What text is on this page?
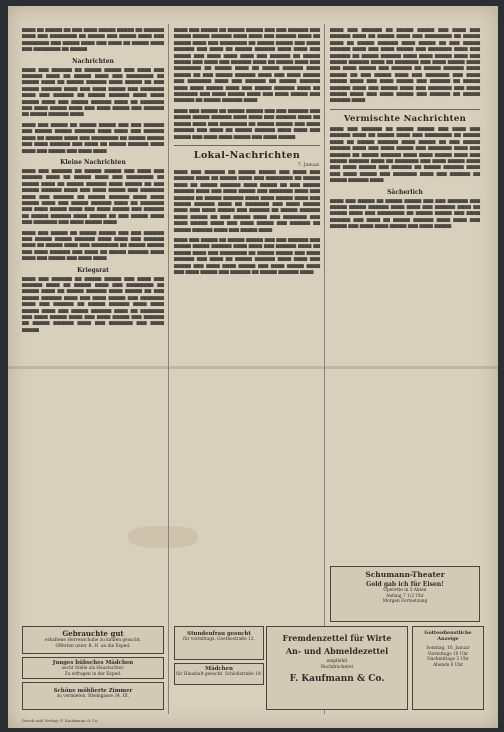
▆▆▆▆ ▆▆ ▆▆▆▆▆ ▆▆ ▆▆▆ ▆▆▆▆ ▆▆▆▆▆ ▆▆▆▆▆ ▆▆ ▆▆▆▆▆▆ ▆▆▆▆ ▆▆▆ ▆▆▆▆▆▆▆▆ ▆▆ ▆▆▆▆▆ ▆▆▆ ▆▆▆▆▆ ▆▆▆▆ ▆▆▆ ▆▆▆▆▆▆▆▆ ▆▆▆ ▆▆▆▆▆ ▆▆▆▆ ▆▆▆ ▆▆▆▆ ▆▆ ▆▆▆▆▆ ▆▆▆▆ ▆▆▆ ▆▆▆▆▆▆▆▆ ▆▆ ▆▆▆▆▆

Nachrichten

▆▆▆▆ ▆▆▆ ▆▆▆▆▆▆ ▆▆ ▆▆▆▆▆ ▆▆▆▆▆ ▆▆▆ ▆▆▆▆ ▆▆▆ ▆▆▆▆▆▆ ▆▆▆▆ ▆▆ ▆▆▆▆▆ ▆▆▆▆ ▆▆▆ ▆▆▆▆▆▆▆▆ ▆▆ ▆▆▆▆▆ ▆▆▆▆ ▆▆ ▆▆▆▆▆ ▆▆▆▆▆▆ ▆▆▆▆ ▆▆▆▆▆ ▆▆ ▆▆▆ ▆▆▆▆▆ ▆▆▆▆▆▆ ▆▆▆▆ ▆▆▆ ▆▆▆▆ ▆▆▆▆▆ ▆▆▆ ▆▆▆▆▆▆▆ ▆▆▆▆ ▆▆▆ ▆▆▆▆▆▆ ▆▆ ▆▆▆▆▆ ▆▆▆▆▆▆ ▆▆▆▆ ▆▆▆▆ ▆▆▆▆▆ ▆▆▆▆ ▆▆▆ ▆▆▆▆▆ ▆▆▆▆▆▆ ▆▆▆▆ ▆▆ ▆▆▆▆▆▆▆ ▆▆▆ ▆▆▆▆ ▆▆▆▆▆ ▆▆▆▆ ▆▆▆ ▆▆▆▆ ▆▆▆▆▆ ▆▆▆ ▆▆▆▆▆▆ ▆▆ ▆▆▆▆▆ ▆▆▆▆▆▆ ▆▆▆▆

▆▆▆▆ ▆▆▆ ▆▆▆▆▆ ▆▆ ▆▆▆▆▆ ▆▆▆▆▆ ▆▆▆ ▆▆▆ ▆▆▆▆▆▆ ▆▆▆ ▆▆▆▆▆ ▆▆▆▆▆ ▆▆▆▆▆▆ ▆▆▆▆ ▆▆▆▆ ▆▆▆ ▆▆▆▆▆▆ ▆▆▆▆ ▆▆ ▆▆▆▆▆ ▆▆▆▆ ▆▆▆ ▆▆▆▆▆▆▆▆ ▆▆ ▆▆▆▆▆ ▆▆▆▆▆ ▆▆▆ ▆▆▆▆ ▆▆▆▆▆▆ ▆▆▆ ▆▆▆▆ ▆▆ ▆▆▆▆▆ ▆▆▆▆▆▆ ▆▆▆▆ ▆▆▆▆ ▆▆▆ ▆▆▆▆▆ ▆▆▆ ▆▆▆▆ ▆▆▆▆

Kleine Nachrichten

▆▆▆▆ ▆▆▆ ▆▆▆▆▆▆ ▆▆ ▆▆▆▆▆ ▆▆▆▆▆ ▆▆▆ ▆▆▆▆ ▆▆▆ ▆▆▆▆▆▆ ▆▆▆▆ ▆▆ ▆▆▆▆▆ ▆▆▆▆ ▆▆▆ ▆▆▆▆▆▆▆▆ ▆▆ ▆▆▆▆▆ ▆▆▆▆ ▆▆ ▆▆▆▆▆ ▆▆▆▆▆▆ ▆▆▆▆ ▆▆▆▆▆ ▆▆ ▆▆▆ ▆▆▆▆▆ ▆▆▆▆▆▆ ▆▆▆▆ ▆▆▆ ▆▆▆▆ ▆▆▆▆▆ ▆▆▆ ▆▆▆▆▆▆▆ ▆▆▆▆ ▆▆▆ ▆▆▆▆▆▆ ▆▆ ▆▆▆▆▆ ▆▆▆▆▆▆ ▆▆▆▆ ▆▆▆▆ ▆▆▆▆▆ ▆▆▆▆ ▆▆▆ ▆▆▆▆▆ ▆▆▆▆▆▆ ▆▆▆▆ ▆▆ ▆▆▆▆▆▆▆ ▆▆▆ ▆▆▆▆ ▆▆▆▆▆ ▆▆▆▆ ▆▆▆ ▆▆▆▆ ▆▆▆▆▆ ▆▆▆ ▆▆▆▆▆▆ ▆▆ ▆▆▆▆▆ ▆▆▆▆▆▆ ▆▆▆▆ ▆▆▆▆▆ ▆▆ ▆▆▆ ▆▆▆▆▆ ▆▆▆▆ ▆▆▆ ▆▆▆▆▆▆▆ ▆▆▆ ▆▆▆▆ ▆▆▆▆▆ ▆▆▆▆

▆▆▆▆ ▆▆▆ ▆▆▆▆▆ ▆▆ ▆▆▆▆▆ ▆▆▆▆▆ ▆▆▆ ▆▆▆ ▆▆▆▆▆▆ ▆▆▆ ▆▆▆▆▆ ▆▆▆▆▆ ▆▆▆▆▆▆ ▆▆▆▆ ▆▆▆▆ ▆▆▆ ▆▆▆▆▆▆ ▆▆▆▆ ▆▆ ▆▆▆▆▆ ▆▆▆▆ ▆▆▆ ▆▆▆▆▆▆▆▆ ▆▆ ▆▆▆▆▆ ▆▆▆▆▆ ▆▆▆ ▆▆▆▆ ▆▆▆▆▆▆ ▆▆▆ ▆▆▆▆ ▆▆ ▆▆▆▆▆ ▆▆▆▆▆▆ ▆▆▆▆ ▆▆▆▆ ▆▆▆ ▆▆▆▆▆ ▆▆▆ ▆▆▆▆ ▆▆▆▆

Kriegsrat

▆▆▆▆ ▆▆▆ ▆▆▆▆▆▆ ▆▆ ▆▆▆▆▆ ▆▆▆▆▆ ▆▆▆ ▆▆▆▆ ▆▆▆ ▆▆▆▆▆▆ ▆▆▆▆ ▆▆ ▆▆▆▆▆ ▆▆▆▆ ▆▆▆ ▆▆▆▆▆▆▆▆ ▆▆ ▆▆▆▆▆ ▆▆▆▆ ▆▆ ▆▆▆▆▆ ▆▆▆▆▆▆ ▆▆▆▆ ▆▆▆▆▆ ▆▆ ▆▆▆ ▆▆▆▆▆ ▆▆▆▆▆▆ ▆▆▆▆ ▆▆▆ ▆▆▆▆ ▆▆▆▆▆ ▆▆▆ ▆▆▆▆▆▆▆ ▆▆▆▆ ▆▆▆ ▆▆▆▆▆▆ ▆▆ ▆▆▆▆▆ ▆▆▆▆▆▆ ▆▆▆▆ ▆▆▆▆ ▆▆▆▆▆ ▆▆▆▆ ▆▆▆ ▆▆▆▆▆ ▆▆▆▆▆▆ ▆▆▆▆ ▆▆ ▆▆▆▆▆▆▆ ▆▆▆ ▆▆▆▆ ▆▆▆▆▆ ▆▆▆▆ ▆▆▆ ▆▆▆▆ ▆▆▆▆▆ ▆▆▆ ▆▆▆▆▆▆ ▆▆ ▆▆▆▆▆ ▆▆▆▆▆▆ ▆▆▆▆ ▆▆▆ ▆▆▆▆▆▆▆ ▆▆▆ ▆▆▆▆ ▆▆▆▆▆

▆▆▆▆ ▆▆▆ ▆▆▆▆▆ ▆▆ ▆▆▆▆▆ ▆▆▆▆▆ ▆▆▆ ▆▆▆ ▆▆▆▆▆▆ ▆▆▆ ▆▆▆▆▆ ▆▆▆▆▆ ▆▆▆▆▆▆ ▆▆▆▆ ▆▆▆▆ ▆▆▆ ▆▆▆▆▆▆ ▆▆▆▆ ▆▆ ▆▆▆▆▆ ▆▆▆▆ ▆▆▆ ▆▆▆▆▆▆▆▆ ▆▆ ▆▆▆▆▆ ▆▆▆▆▆ ▆▆▆ ▆▆▆▆ ▆▆▆▆▆▆ ▆▆▆ ▆▆▆▆ ▆▆ ▆▆▆▆▆ ▆▆▆▆▆▆ ▆▆▆▆ ▆▆▆▆ ▆▆▆ ▆▆▆▆▆ ▆▆▆ ▆▆▆▆ ▆▆▆▆ ▆▆▆▆ ▆▆▆ ▆▆▆▆▆▆ ▆▆ ▆▆▆▆▆ ▆▆▆▆▆ ▆▆▆ ▆▆▆▆ ▆▆▆ ▆▆▆▆▆▆ ▆▆▆▆ ▆▆ ▆▆▆▆▆ ▆▆▆▆ ▆▆▆ ▆▆▆▆▆▆▆▆ ▆▆ ▆▆▆▆▆ ▆▆▆▆ ▆▆ ▆▆▆▆▆ ▆▆▆▆▆▆ ▆▆▆▆ ▆▆▆▆▆ ▆▆ ▆▆▆ ▆▆▆▆▆ ▆▆▆▆▆▆ ▆▆▆▆ ▆▆▆ ▆▆▆▆ ▆▆▆▆▆ ▆▆▆ ▆▆▆▆▆▆▆ ▆▆▆▆ ▆▆▆ ▆▆▆▆▆▆ ▆▆ ▆▆▆▆▆ ▆▆▆▆▆▆ ▆▆▆▆ ▆▆▆▆ ▆▆▆▆▆ ▆▆▆▆ ▆▆▆ ▆▆▆▆▆ ▆▆▆▆▆▆ ▆▆▆▆ ▆▆ ▆▆▆▆▆▆▆ ▆▆▆ ▆▆▆▆ ▆▆▆▆▆ ▆▆▆▆ ▆▆▆ ▆▆▆▆ ▆▆▆▆▆ ▆▆▆ ▆▆▆▆▆▆ ▆▆ ▆▆▆▆▆ ▆▆▆▆▆▆ ▆▆▆▆

▆▆▆▆ ▆▆▆ ▆▆▆▆▆ ▆▆ ▆▆▆▆▆ ▆▆▆▆▆ ▆▆▆ ▆▆▆ ▆▆▆▆▆▆ ▆▆▆ ▆▆▆▆▆ ▆▆▆▆▆ ▆▆▆▆▆▆ ▆▆▆▆ ▆▆▆▆ ▆▆▆ ▆▆▆▆▆▆ ▆▆▆▆ ▆▆ ▆▆▆▆▆ ▆▆▆▆ ▆▆▆ ▆▆▆▆▆▆▆▆ ▆▆ ▆▆▆▆▆ ▆▆▆▆▆ ▆▆▆ ▆▆▆▆ ▆▆▆▆▆▆ ▆▆▆ ▆▆▆▆ ▆▆ ▆▆▆▆▆ ▆▆▆▆▆▆ ▆▆▆▆ ▆▆▆▆ ▆▆▆ ▆▆▆▆▆ ▆▆▆ ▆▆▆▆ ▆▆▆▆ ▆▆▆▆▆ ▆▆▆ ▆▆▆▆ ▆▆▆▆▆

Lokal-Nachrichten
7. Januar.

▆▆▆▆ ▆▆▆ ▆▆▆▆▆▆ ▆▆ ▆▆▆▆▆ ▆▆▆▆▆ ▆▆▆ ▆▆▆▆ ▆▆▆ ▆▆▆▆▆▆ ▆▆▆▆ ▆▆ ▆▆▆▆▆ ▆▆▆▆ ▆▆▆ ▆▆▆▆▆▆▆▆ ▆▆ ▆▆▆▆▆ ▆▆▆▆ ▆▆ ▆▆▆▆▆ ▆▆▆▆▆▆ ▆▆▆▆ ▆▆▆▆▆ ▆▆ ▆▆▆ ▆▆▆▆▆ ▆▆▆▆▆▆ ▆▆▆▆ ▆▆▆ ▆▆▆▆ ▆▆▆▆▆ ▆▆▆ ▆▆▆▆▆▆▆ ▆▆▆▆ ▆▆▆ ▆▆▆▆▆▆ ▆▆ ▆▆▆▆▆ ▆▆▆▆▆▆ ▆▆▆▆ ▆▆▆▆ ▆▆▆▆▆ ▆▆▆▆ ▆▆▆ ▆▆▆▆▆ ▆▆▆▆▆▆ ▆▆▆▆ ▆▆ ▆▆▆▆▆▆▆ ▆▆▆ ▆▆▆▆ ▆▆▆▆▆ ▆▆▆▆ ▆▆▆ ▆▆▆▆ ▆▆▆▆▆ ▆▆▆ ▆▆▆▆▆▆ ▆▆ ▆▆▆▆▆ ▆▆▆▆▆▆ ▆▆▆▆ ▆▆▆▆▆ ▆▆ ▆▆▆ ▆▆▆▆▆ ▆▆▆▆ ▆▆▆ ▆▆▆▆▆▆▆ ▆▆▆ ▆▆▆▆ ▆▆▆▆▆ ▆▆▆▆ ▆▆▆ ▆▆▆▆ ▆▆▆▆▆ ▆▆▆ ▆▆▆▆▆▆ ▆▆ ▆▆▆▆▆ ▆▆▆▆▆▆ ▆▆▆▆ ▆▆▆ ▆▆▆▆▆ ▆▆▆▆

▆▆▆▆ ▆▆▆ ▆▆▆▆▆ ▆▆ ▆▆▆▆▆ ▆▆▆▆▆ ▆▆▆ ▆▆▆ ▆▆▆▆▆▆ ▆▆▆ ▆▆▆▆▆ ▆▆▆▆▆ ▆▆▆▆▆▆ ▆▆▆▆ ▆▆▆▆ ▆▆▆ ▆▆▆▆▆▆ ▆▆▆▆ ▆▆ ▆▆▆▆▆ ▆▆▆▆ ▆▆▆ ▆▆▆▆▆▆▆▆ ▆▆ ▆▆▆▆▆ ▆▆▆▆▆ ▆▆▆ ▆▆▆▆ ▆▆▆▆▆▆ ▆▆▆ ▆▆▆▆ ▆▆ ▆▆▆▆▆ ▆▆▆▆▆▆ ▆▆▆▆ ▆▆▆▆ ▆▆▆ ▆▆▆▆▆ ▆▆▆ ▆▆▆▆ ▆▆▆▆ ▆▆▆▆▆ ▆▆▆ ▆▆▆▆ ▆▆▆▆▆ ▆▆▆▆ ▆▆▆ ▆▆▆▆ ▆▆▆▆▆ ▆▆▆ ▆▆▆▆▆▆ ▆▆ ▆▆▆▆▆ ▆▆▆▆▆▆ ▆▆▆▆

▆▆▆▆ ▆▆▆ ▆▆▆▆▆▆ ▆▆ ▆▆▆▆▆ ▆▆▆▆▆ ▆▆▆ ▆▆▆▆ ▆▆▆ ▆▆▆▆▆▆ ▆▆▆▆ ▆▆ ▆▆▆▆▆ ▆▆▆▆ ▆▆▆ ▆▆▆▆▆▆▆▆ ▆▆ ▆▆▆▆▆ ▆▆▆▆ ▆▆ ▆▆▆▆▆ ▆▆▆▆▆▆ ▆▆▆▆ ▆▆▆▆▆ ▆▆ ▆▆▆ ▆▆▆▆▆ ▆▆▆▆▆▆ ▆▆▆▆ ▆▆▆ ▆▆▆▆ ▆▆▆▆▆ ▆▆▆ ▆▆▆▆▆▆▆ ▆▆▆▆ ▆▆▆ ▆▆▆▆▆▆ ▆▆ ▆▆▆▆▆ ▆▆▆▆▆▆ ▆▆▆▆ ▆▆▆▆ ▆▆▆▆▆ ▆▆▆▆ ▆▆▆ ▆▆▆▆▆ ▆▆▆▆▆▆ ▆▆▆▆ ▆▆ ▆▆▆▆▆▆▆ ▆▆▆ ▆▆▆▆ ▆▆▆▆▆ ▆▆▆▆ ▆▆▆ ▆▆▆▆ ▆▆▆▆▆ ▆▆▆ ▆▆▆▆▆▆ ▆▆ ▆▆▆▆▆ ▆▆▆▆▆▆ ▆▆▆▆ ▆▆▆▆▆ ▆▆ ▆▆▆ ▆▆▆▆▆ ▆▆▆▆ ▆▆▆ ▆▆▆▆▆▆▆ ▆▆▆ ▆▆▆▆ ▆▆▆▆▆ ▆▆▆▆ ▆▆▆ ▆▆▆▆ ▆▆▆▆▆ ▆▆▆ ▆▆▆▆▆▆ ▆▆ ▆▆▆▆▆ ▆▆▆▆▆▆ ▆▆▆▆ ▆▆▆ ▆▆▆▆▆ ▆▆▆▆ ▆▆▆ ▆▆▆▆▆▆▆ ▆▆▆ ▆▆▆▆ ▆▆▆▆▆ ▆▆▆▆ ▆▆▆ ▆▆▆▆ ▆▆▆▆▆ ▆▆▆ ▆▆▆▆▆▆ ▆▆ ▆▆▆▆▆ ▆▆▆▆▆▆ ▆▆▆▆

Vermischte Nachrichten

▆▆▆▆ ▆▆▆ ▆▆▆▆▆▆ ▆▆ ▆▆▆▆▆ ▆▆▆▆▆ ▆▆▆ ▆▆▆▆ ▆▆▆ ▆▆▆▆▆▆ ▆▆▆▆ ▆▆ ▆▆▆▆▆ ▆▆▆▆ ▆▆▆ ▆▆▆▆▆▆▆▆ ▆▆ ▆▆▆▆▆ ▆▆▆▆ ▆▆ ▆▆▆▆▆ ▆▆▆▆▆▆ ▆▆▆▆ ▆▆▆▆▆ ▆▆ ▆▆▆ ▆▆▆▆▆ ▆▆▆▆▆▆ ▆▆▆▆ ▆▆▆ ▆▆▆▆ ▆▆▆▆▆ ▆▆▆ ▆▆▆▆▆▆▆ ▆▆▆▆ ▆▆▆ ▆▆▆▆▆▆ ▆▆ ▆▆▆▆▆ ▆▆▆▆▆▆ ▆▆▆▆ ▆▆▆▆ ▆▆▆▆▆ ▆▆▆▆ ▆▆▆ ▆▆▆▆▆ ▆▆▆▆▆▆ ▆▆▆▆ ▆▆ ▆▆▆▆▆▆▆ ▆▆▆ ▆▆▆▆ ▆▆▆▆▆ ▆▆▆▆ ▆▆▆ ▆▆▆▆ ▆▆▆▆▆ ▆▆▆ ▆▆▆▆▆▆ ▆▆ ▆▆▆▆▆ ▆▆▆▆▆▆ ▆▆▆▆ ▆▆▆ ▆▆▆▆ ▆▆▆▆▆ ▆▆▆ ▆▆▆▆▆▆▆ ▆▆▆▆ ▆▆▆ ▆▆▆▆▆▆ ▆▆ ▆▆▆▆▆ ▆▆▆▆▆▆ ▆▆▆▆

Sächerlich

▆▆▆▆ ▆▆▆ ▆▆▆▆▆ ▆▆ ▆▆▆▆▆ ▆▆▆▆▆ ▆▆▆ ▆▆▆ ▆▆▆▆▆▆ ▆▆▆ ▆▆▆▆▆ ▆▆▆▆▆ ▆▆▆▆▆▆ ▆▆▆▆ ▆▆▆▆ ▆▆▆ ▆▆▆▆▆▆ ▆▆▆▆ ▆▆ ▆▆▆▆▆ ▆▆▆▆ ▆▆▆ ▆▆▆▆▆▆▆▆ ▆▆ ▆▆▆▆▆ ▆▆▆▆▆ ▆▆▆ ▆▆▆▆ ▆▆▆▆▆▆ ▆▆▆ ▆▆▆▆ ▆▆ ▆▆▆▆▆ ▆▆▆▆▆▆ ▆▆▆▆ ▆▆▆▆ ▆▆▆ ▆▆▆▆▆ ▆▆▆ ▆▆▆▆ ▆▆▆▆ ▆▆▆▆▆ ▆▆▆ ▆▆▆▆ ▆▆▆▆▆

Gebrauchte gut
erhaltene Herrenschuhe zu kaufen gesucht.
Offerten unter R. H. an die Exped.
Junges hübsches Mädchen
sucht Stelle als Haustochter.
Zu erfragen in der Exped.
Schöne möblierte Zimmer
zu vermieten. Rheingasse 34. III.
Stundenfrau gesucht
für vormittags. Goethestraße 12.
Mädchen
für Haushalt gesucht. Schloßstraße 19.
Fremdenzettel für Wirte
An- und Abmeldezettel
empfiehlt
Buchdruckerei
F. Kaufmann & Co.
Schumann-Theater
Gold gab ich für Eisen!
Operette in 3 Akten
Anfang 7 1/2 Uhr
Morgen Fortsetzung
Gottesdienstliche Anzeige
Sonntag, 10. Januar
Vormittags 10 Uhr
Nachmittags 3 Uhr
Abends 6 Uhr
Druck und Verlag: F. Kaufmann & Co.
